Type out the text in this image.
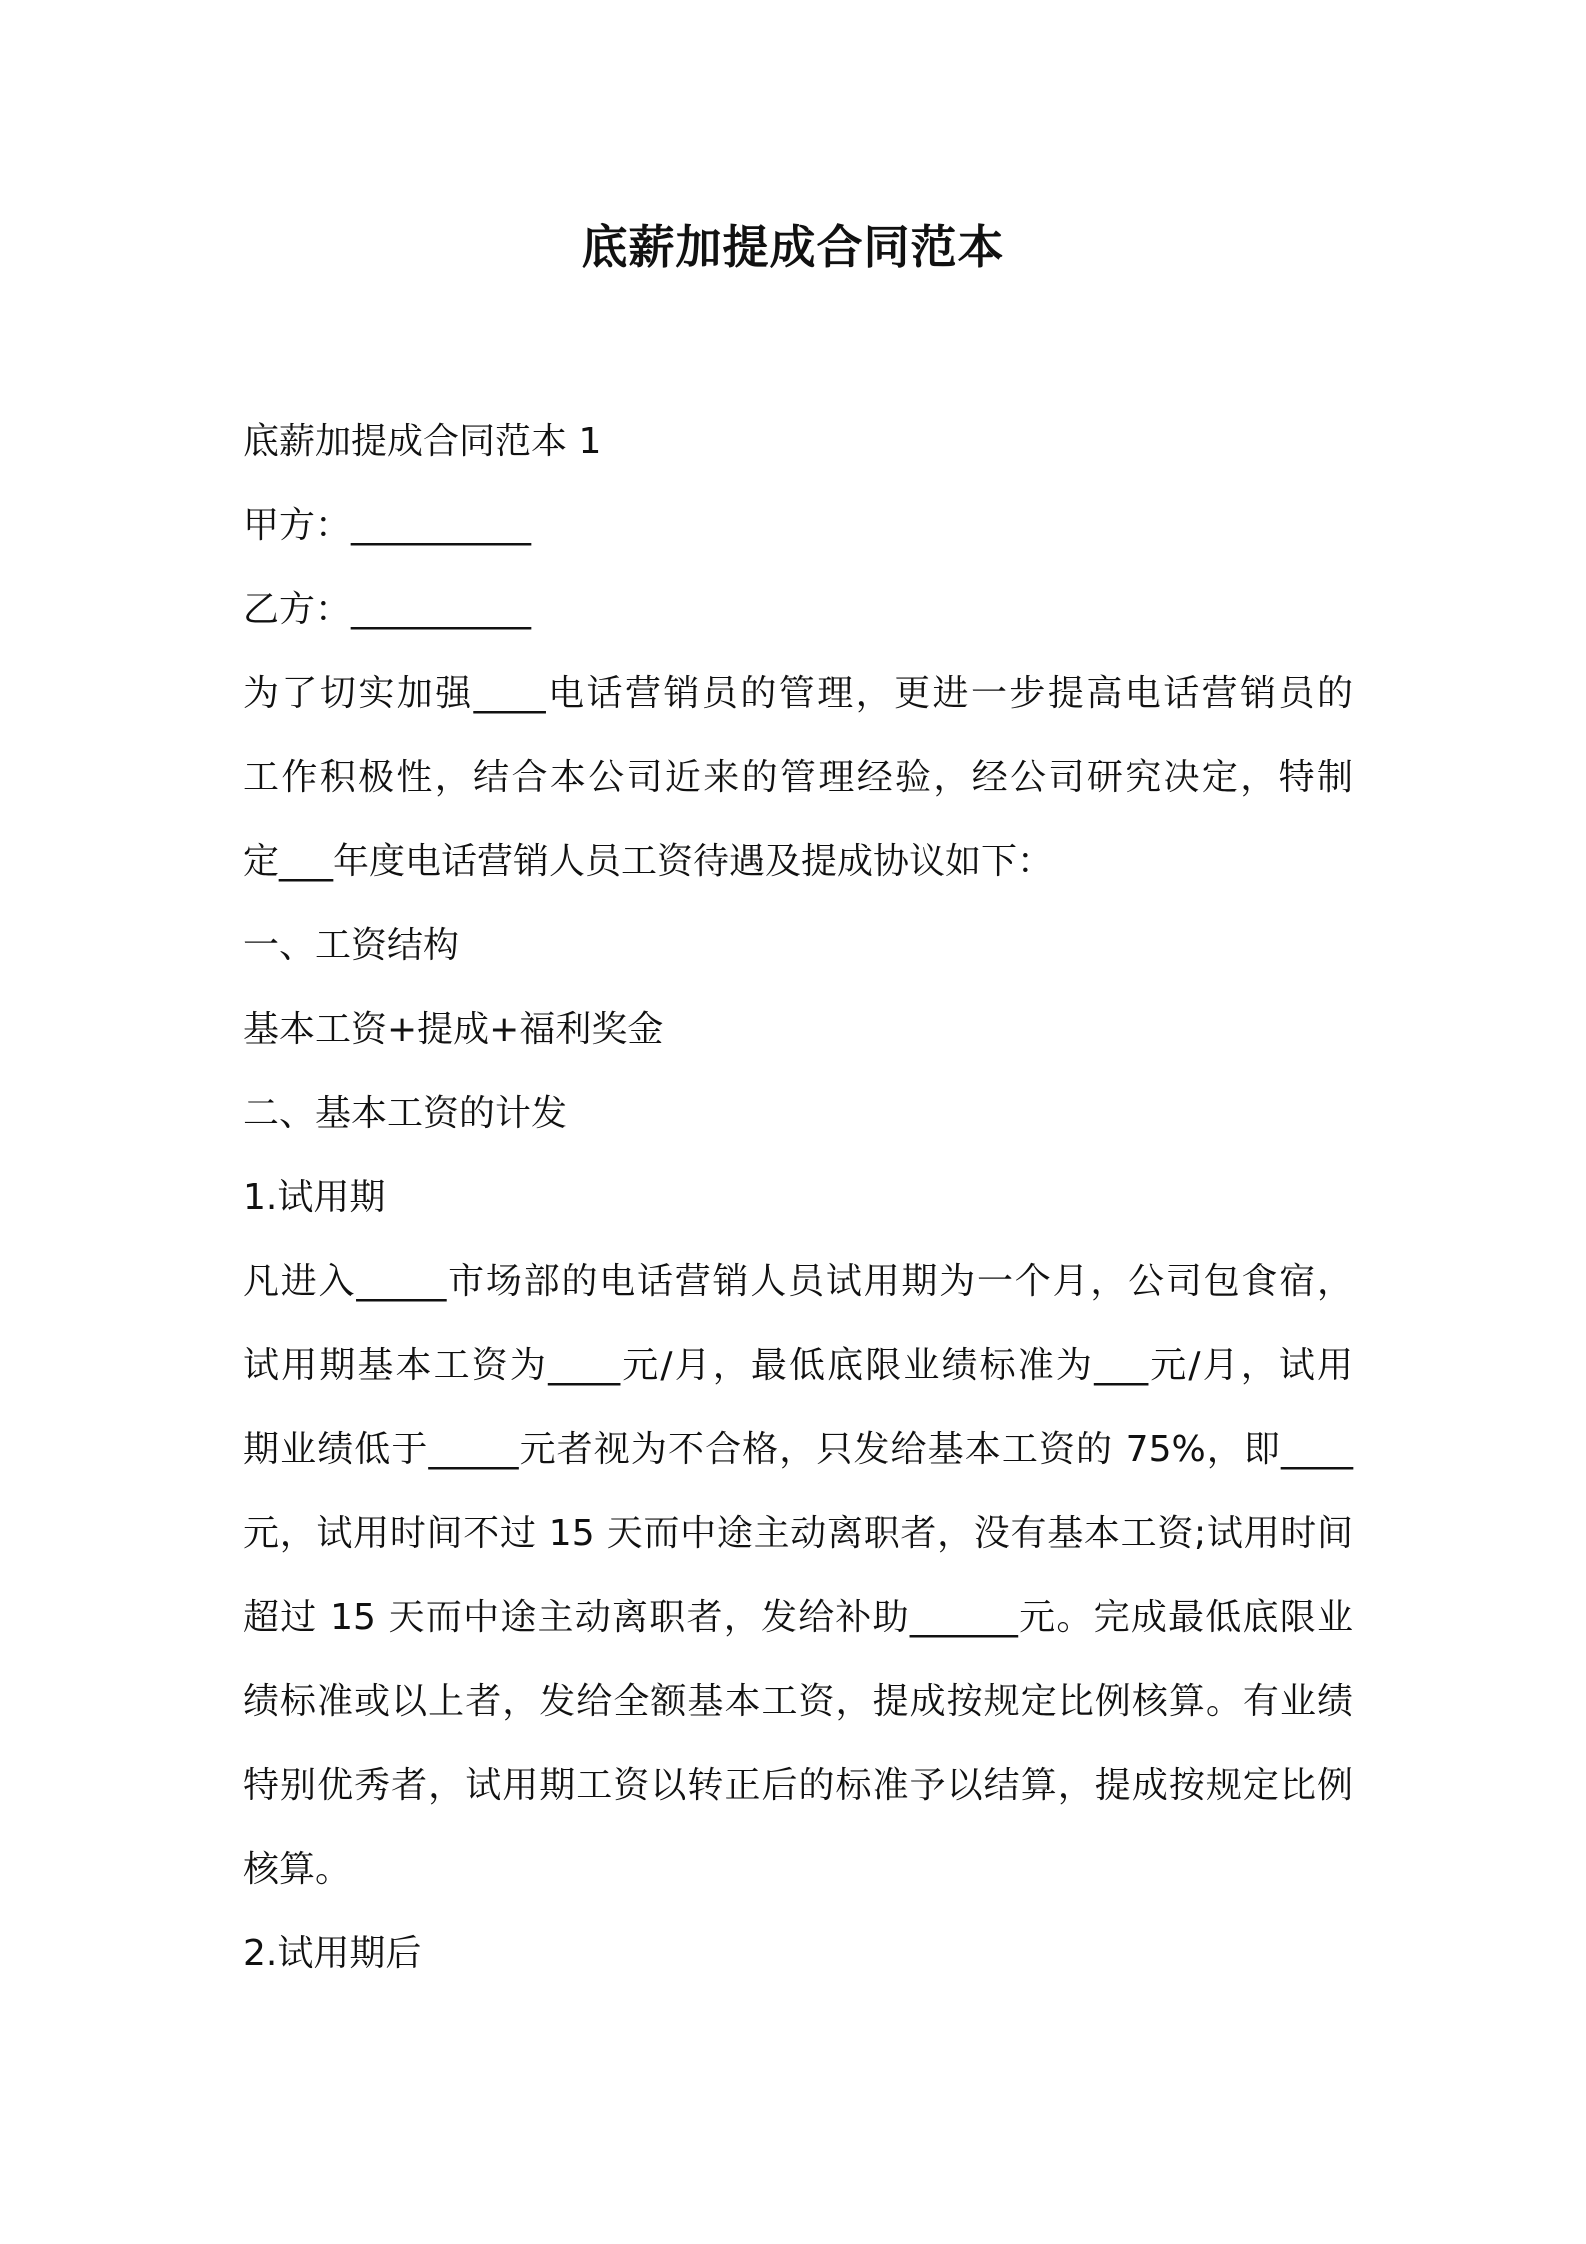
底薪加提成合同范本
底薪加提成合同范本 1
甲方：__________
乙方：__________
为了切实加强____电话营销员的管理，更进一步提高电话营销员的
工作积极性，结合本公司近来的管理经验，经公司研究决定，特制
定___年度电话营销人员工资待遇及提成协议如下：
一、工资结构
基本工资+提成+福利奖金
二、基本工资的计发
1.试用期
凡进入_____市场部的电话营销人员试用期为一个月，公司包食宿，
试用期基本工资为____元/月，最低底限业绩标准为___元/月，试用
期业绩低于_____元者视为不合格，只发给基本工资的 75%，即____
元，试用时间不过 15 天而中途主动离职者，没有基本工资;试用时间
超过 15 天而中途主动离职者，发给补助______元。完成最低底限业
绩标准或以上者，发给全额基本工资，提成按规定比例核算。有业绩
特别优秀者，试用期工资以转正后的标准予以结算，提成按规定比例
核算。
2.试用期后
